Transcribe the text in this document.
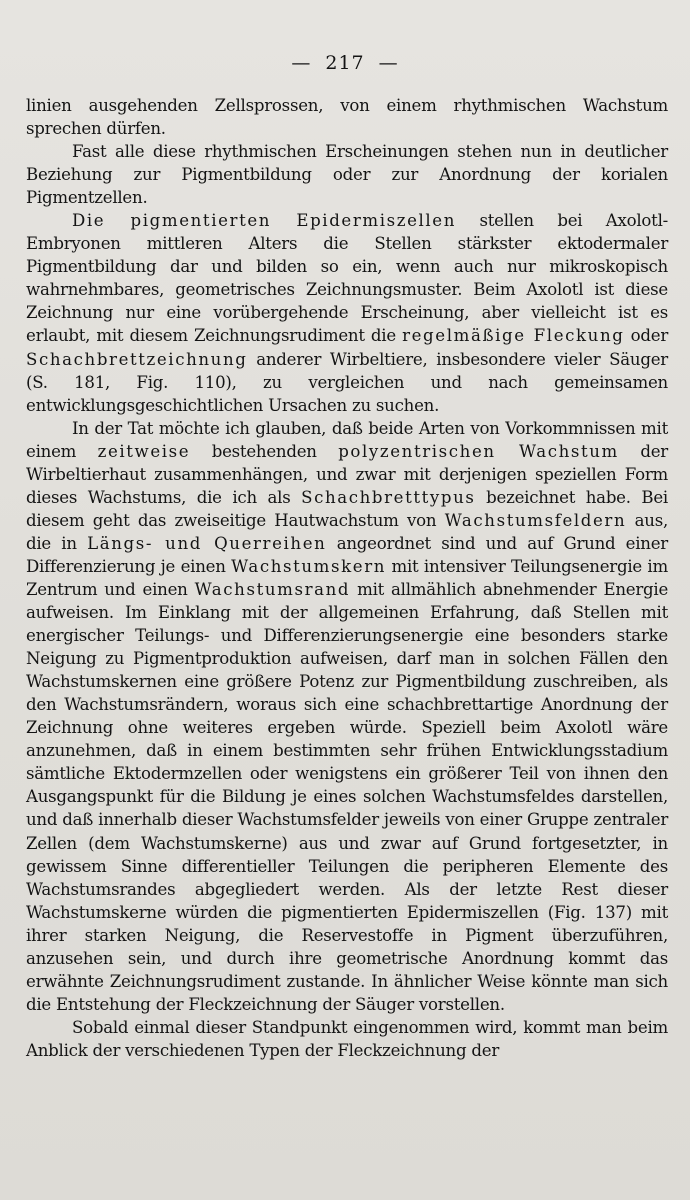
— 217 —

linien ausgehenden Zellsprossen, von einem rhythmischen Wachstum sprechen dürfen.

Fast alle diese rhythmischen Erscheinungen stehen nun in deutlicher Beziehung zur Pigmentbildung oder zur Anordnung der korialen Pigmentzellen.

Die pigmentierten Epidermiszellen stellen bei Axolotl-Embryonen mittleren Alters die Stellen stärkster ektodermaler Pigmentbildung dar und bilden so ein, wenn auch nur mikroskopisch wahrnehmbares, geometrisches Zeichnungsmuster. Beim Axolotl ist diese Zeichnung nur eine vorübergehende Erscheinung, aber vielleicht ist es erlaubt, mit diesem Zeichnungsrudiment die regelmäßige Fleckung oder Schachbrettzeichnung anderer Wirbeltiere, insbesondere vieler Säuger (S. 181, Fig. 110), zu vergleichen und nach gemeinsamen entwicklungsgeschichtlichen Ursachen zu suchen.

In der Tat möchte ich glauben, daß beide Arten von Vorkommnissen mit einem zeitweise bestehenden polyzentrischen Wachstum der Wirbeltierhaut zusammenhängen, und zwar mit derjenigen speziellen Form dieses Wachstums, die ich als Schachbretttypus bezeichnet habe. Bei diesem geht das zweiseitige Hautwachstum von Wachstumsfeldern aus, die in Längs- und Querreihen angeordnet sind und auf Grund einer Differenzierung je einen Wachstumskern mit intensiver Teilungsenergie im Zentrum und einen Wachstumsrand mit allmählich abnehmender Energie aufweisen. Im Einklang mit der allgemeinen Erfahrung, daß Stellen mit energischer Teilungs- und Differenzierungsenergie eine besonders starke Neigung zu Pigmentproduktion aufweisen, darf man in solchen Fällen den Wachstumskernen eine größere Potenz zur Pigmentbildung zuschreiben, als den Wachstumsrändern, woraus sich eine schachbrettartige Anordnung der Zeichnung ohne weiteres ergeben würde. Speziell beim Axolotl wäre anzunehmen, daß in einem bestimmten sehr frühen Entwicklungsstadium sämtliche Ektodermzellen oder wenigstens ein größerer Teil von ihnen den Ausgangspunkt für die Bildung je eines solchen Wachstumsfeldes darstellen, und daß innerhalb dieser Wachstumsfelder jeweils von einer Gruppe zentraler Zellen (dem Wachstumskerne) aus und zwar auf Grund fortgesetzter, in gewissem Sinne differentieller Teilungen die peripheren Elemente des Wachstumsrandes abgegliedert werden. Als der letzte Rest dieser Wachstumskerne würden die pigmentierten Epidermiszellen (Fig. 137) mit ihrer starken Neigung, die Reservestoffe in Pigment überzuführen, anzusehen sein, und durch ihre geometrische Anordnung kommt das erwähnte Zeichnungsrudiment zustande. In ähnlicher Weise könnte man sich die Entstehung der Fleckzeichnung der Säuger vorstellen.

Sobald einmal dieser Standpunkt eingenommen wird, kommt man beim Anblick der verschiedenen Typen der Fleckzeichnung der
